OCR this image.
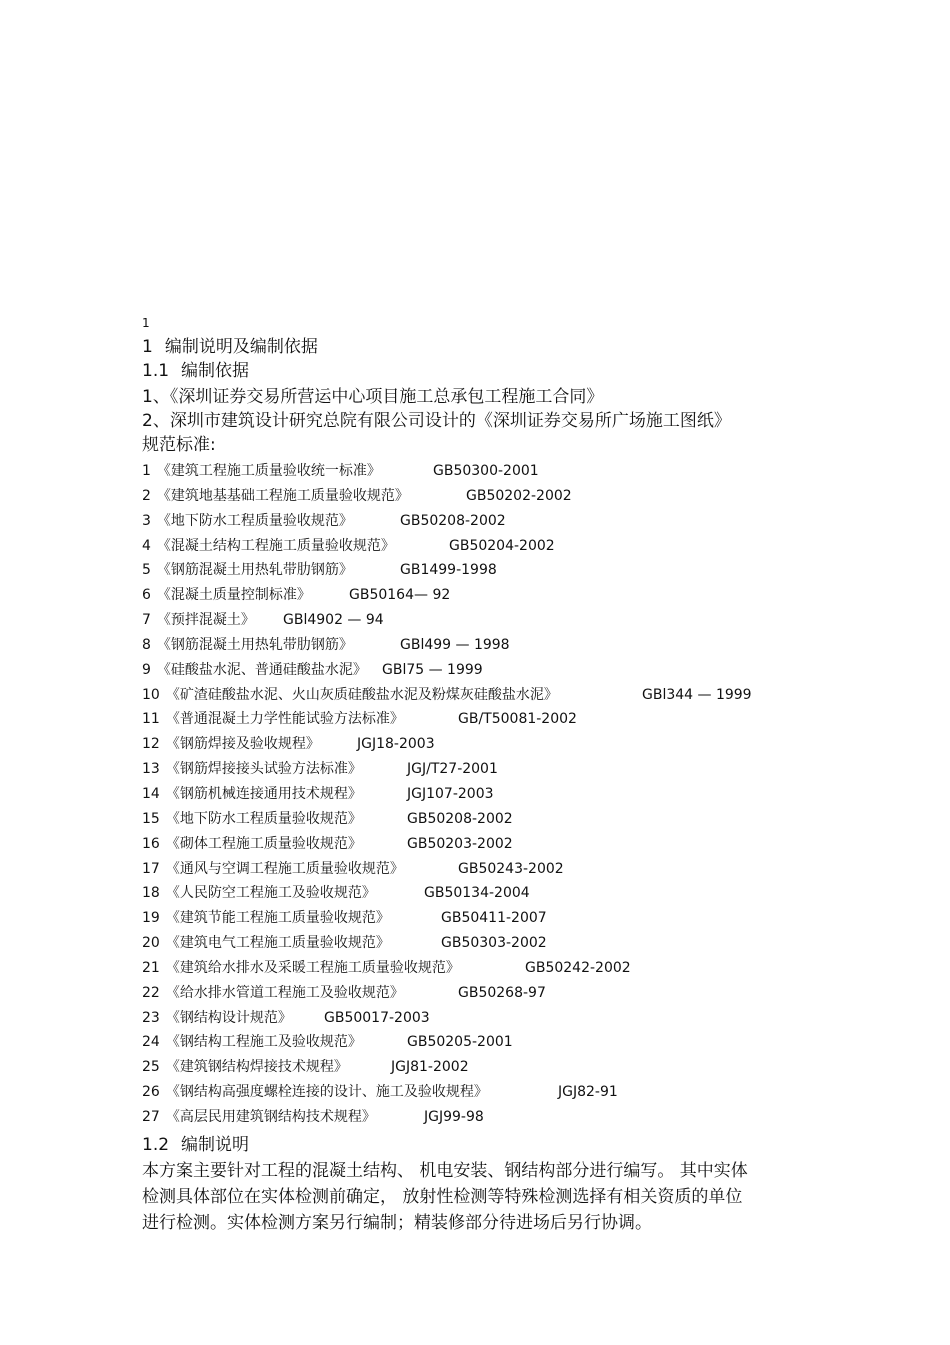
1
1 编制说明及编制依据
1.1 编制依据
1、《深圳证券交易所营运中心项目施工总承包工程施工合同》
2、深圳市建筑设计研究总院有限公司设计的《深圳证券交易所广场施工图纸》
规范标准:
1 《建筑工程施工质量验收统一标准》	GB50300-2001
2 《建筑地基基础工程施工质量验收规范》	GB50202-2002
3 《地下防水工程质量验收规范》	GB50208-2002
4 《混凝土结构工程施工质量验收规范》	GB50204-2002
5 《钢筋混凝土用热轧带肋钢筋》	GB1499-1998
6 《混凝土质量控制标准》	GB50164— 92
7 《预拌混凝土》 GBl4902 — 94
8 《钢筋混凝土用热轧带肋钢筋》	GBl499 — 1998
9 《硅酸盐水泥、普通硅酸盐水泥》 GBl75 — 1999
10 《矿渣硅酸盐水泥、火山灰质硅酸盐水泥及粉煤灰硅酸盐水泥》	GBl344 — 1999
11 《普通混凝土力学性能试验方法标准》	GB/T50081-2002
12 《钢筋焊接及验收规程》	JGJ18-2003
13 《钢筋焊接接头试验方法标准》	JGJ/T27-2001
14 《钢筋机械连接通用技术规程》	JGJ107-2003
15 《地下防水工程质量验收规范》	GB50208-2002
16 《砌体工程施工质量验收规范》	GB50203-2002
17 《通风与空调工程施工质量验收规范》	GB50243-2002
18 《人民防空工程施工及验收规范》	GB50134-2004
19 《建筑节能工程施工质量验收规范》	GB50411-2007
20 《建筑电气工程施工质量验收规范》	GB50303-2002
21 《建筑给水排水及采暖工程施工质量验收规范》	GB50242-2002
22 《给水排水管道工程施工及验收规范》	GB50268-97
23 《钢结构设计规范》 GB50017-2003
24 《钢结构工程施工及验收规范》	GB50205-2001
25 《建筑钢结构焊接技术规程》	JGJ81-2002
26 《钢结构高强度螺栓连接的设计、施工及验收规程》	JGJ82-91
27 《高层民用建筑钢结构技术规程》	JGJ99-98
1.2 编制说明
本方案主要针对工程的混凝土结构、 机电安装、钢结构部分进行编写。 其中实体
检测具体部位在实体检测前确定， 放射性检测等特殊检测选择有相关资质的单位
进行检测。实体检测方案另行编制；精装修部分待进场后另行协调。
